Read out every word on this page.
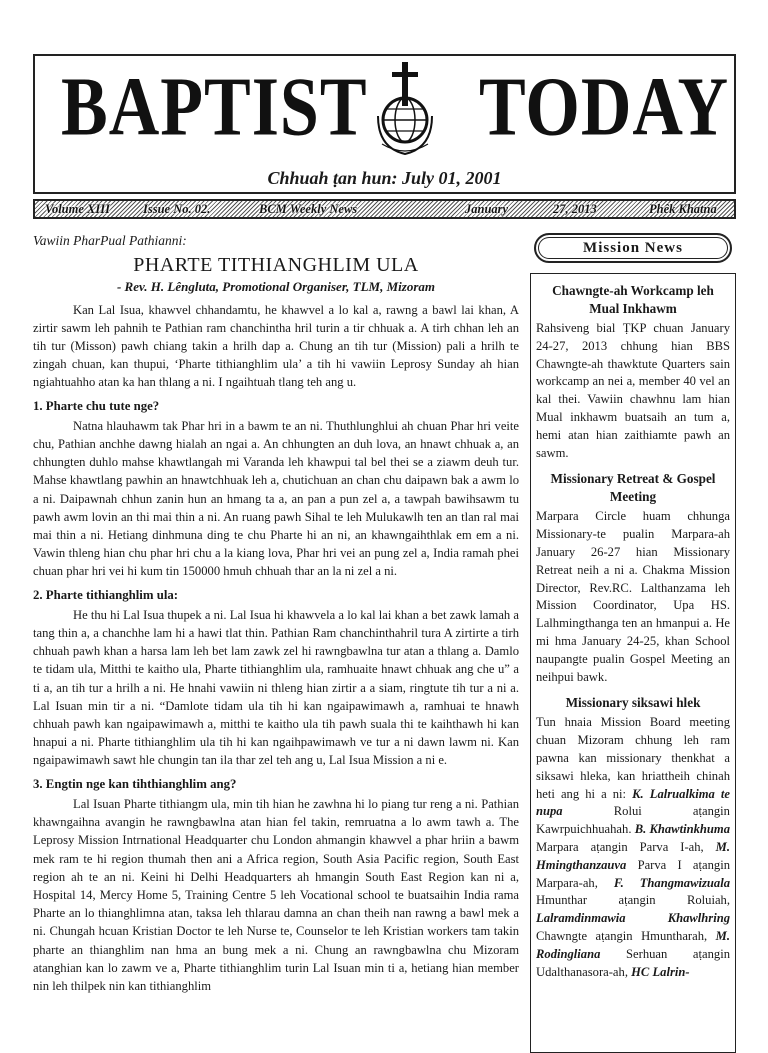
BAPTIST TODAY
Chhuah ṭan hun: July 01, 2001
Volume XIII	Issue No. 02.	BCM Weekly News	January	27, 2013	Phêk Khatna

Vawiin PharPual Pathianni:

PHARTE TITHIANGHLIM ULA

- Rev. H. Lêngluta, Promotional Organiser, TLM, Mizoram

Kan Lal Isua, khawvel chhandamtu, he khawvel a lo kal a, rawng a bawl lai khan, A zirtir sawm leh pahnih te Pathian ram chanchintha hril turin a tir chhuak a. A tirh chhan leh an tih tur (Misson) pawh chiang takin a hrilh dap a. Chung an tih tur (Mission) pali a hrilh te zingah chuan, kan thupui, ‘Pharte tithianghlim ula’ a tih hi vawiin Leprosy Sunday ah hian ngiahtuahho atan ka han thlang a ni. I ngaihtuah tlang teh ang u.

1. Pharte chu tute nge?

Natna hlauhawm tak Phar hri in a bawm te an ni. Thuthlunghlui ah chuan Phar hri veite chu, Pathian anchhe dawng hialah an ngai a. An chhungten an duh lova, an hnawt chhuak a, an chhungten duhlo mahse khawtlangah mi Varanda leh khawpui tal bel thei se a ziawm deuh tur. Mahse khawtlang pawhin an hnawtchhuak leh a, chutichuan an chan chu daipawn bak a awm lo a ni. Daipawnah chhun zanin hun an hmang ta a, an pan a pun zel a, a tawpah bawihsawm tu pawh awm lovin an thi mai thin a ni. An ruang pawh Sihal te leh Mulukawlh ten an tlan ral mai mai thin a ni. Hetiang dinhmuna ding te chu Pharte hi an ni, an khawngaihthlak em em a ni. Vawin thleng hian chu phar hri chu a la kiang lova, Phar hri vei an pung zel a, India ramah phei chuan phar hri vei hi kum tin 150000 hmuh chhuah thar an la ni zel a ni.

2. Pharte tithianghlim ula:

He thu hi Lal Isua thupek a ni. Lal Isua hi khawvela a lo kal lai khan a bet zawk lamah a tang thin a, a chanchhe lam hi a hawi tlat thin. Pathian Ram chanchinthahril tura A zirtirte a tirh chhuah pawh khan a harsa lam leh bet lam zawk zel hi rawngbawlna tur atan a thlang a. Damlo te tidam ula, Mitthi te kaitho ula, Pharte tithianghlim ula, ramhuaite hnawt chhuak ang che u” a ti a, an tih tur a hrilh a ni. He hnahi vawiin ni thleng hian zirtir a a siam, ringtute tih tur a ni a. Lal Isuan min tir a ni. “Damlote tidam ula tih hi kan ngaipawimawh a, ramhuai te hnawh chhuah pawh kan ngaipawimawh a, mitthi te kaitho ula tih pawh suala thi te kaihthawh hi kan hnapui a ni. Pharte tithianghlim ula tih hi kan ngaihpawimawh ve tur a ni dawn lawm ni. Kan ngaipawimawh sawt hle chungin tan ila thar zel teh ang u, Lal Isua Mission a ni e.

3. Engtin nge kan tihthianghlim ang?

Lal Isuan Pharte tithiangm ula, min tih hian he zawhna hi lo piang tur reng a ni. Pathian khawngaihna avangin he rawngbawlna atan hian fel takin, remruatna a lo awm tawh a. The Leprosy Mission Intrnational Headquarter chu London ahmangin khawvel a phar hriin a bawm mek ram te hi region thumah then ani a Africa region, South Asia Pacific region, South East region ah te an ni. Keini hi Delhi Headquarters ah hmangin South East Region kan ni a, Hospital 14, Mercy Home 5, Training Centre 5 leh Vocational school te buatsaihin India rama Pharte an lo thianghlimna atan, taksa leh thlarau damna an chan theih nan rawng a bawl mek a ni. Chungah hcuan Kristian Doctor te leh Nurse te, Counselor te leh Kristian workers tam takin pharte an thianghlim nan hma an bung mek a ni. Chung an rawngbawlna chu Mizoram atanghian kan lo zawm ve a, Pharte tithianghlim turin Lal Isuan min ti a, hetiang hian member nin leh thilpek nin kan tithianghlim

Mission News
Chawngte-ah Workcamp leh Mual Inkhawm

Rahsiveng bial ṬKP chuan January 24-27, 2013 chhung hian BBS Chawngte-ah thawktute Quarters sain workcamp an nei a, member 40 vel an kal thei. Vawiin chawhnu lam hian Mual inkhawm buatsaih an tum a, hemi atan hian zaithiamte pawh an sawm.

Missionary Retreat & Gospel Meeting

Marpara Circle huam chhunga Missionary-te pualin Marpara-ah January 26-27 hian Missionary Retreat neih a ni a. Chakma Mission Director, Rev.RC. Lalthanzama leh Mission Coordinator, Upa HS. Lalhmingthanga ten an hmanpui a. He mi hma January 24-25, khan School naupangte pualin Gospel Meeting an neihpui bawk.

Missionary siksawi hlek

Tun hnaia Mission Board meeting chuan Mizoram chhung leh ram pawna kan missionary thenkhat a siksawi hleka, kan hriattheih chinah heti ang hi a ni: K. Lalrualkima te nupa	Rolui aṭangin Kawrpuichhuahah. B. Khawtinkhuma Marpara aṭangin Parva I-ah, M. Hmingthanzauva Parva I aṭangin Marpara-ah, F. Thangmawizuala Hmunthar aṭangin Roluiah, Lalramdinmawia Khawlhring Chawngte aṭangin Hmuntharah, M. Rodingliana Serhuan aṭangin Udalthanasora-ah, HC Lalrin-
